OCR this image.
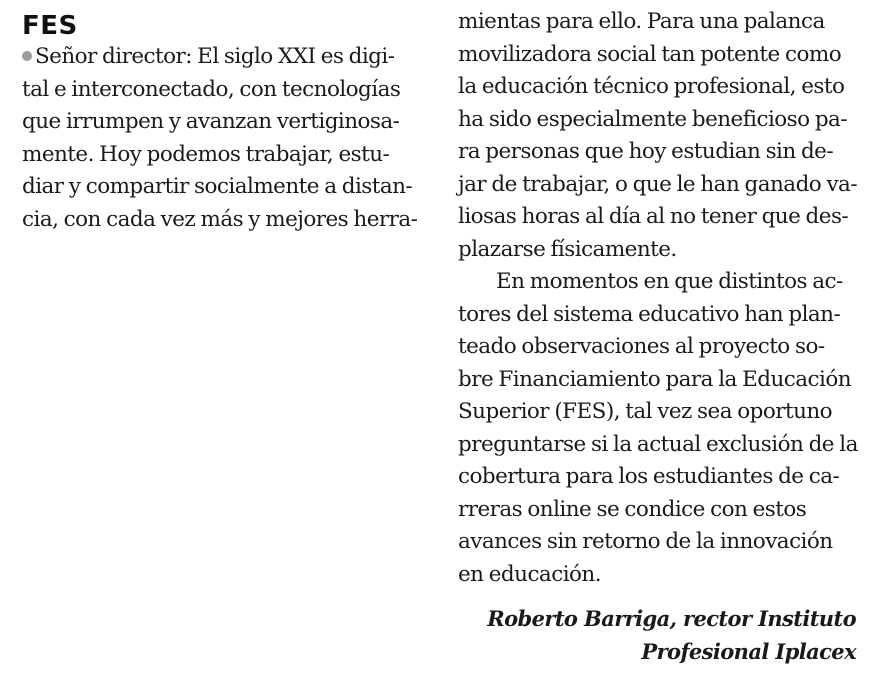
FES
Señor director: El siglo XXI es digi-
tal e interconectado, con tecnologías
que irrumpen y avanzan vertiginosa-
mente. Hoy podemos trabajar, estu-
diar y compartir socialmente a distan-
cia, con cada vez más y mejores herra-
mientas para ello. Para una palanca
movilizadora social tan potente como
la educación técnico profesional, esto
ha sido especialmente beneficioso pa-
ra personas que hoy estudian sin de-
jar de trabajar, o que le han ganado va-
liosas horas al día al no tener que des-
plazarse físicamente.
En momentos en que distintos ac-
tores del sistema educativo han plan-
teado observaciones al proyecto so-
bre Financiamiento para la Educación
Superior (FES), tal vez sea oportuno
preguntarse si la actual exclusión de la
cobertura para los estudiantes de ca-
rreras online se condice con estos
avances sin retorno de la innovación
en educación.
Roberto Barriga, rector Instituto
Profesional Iplacex
